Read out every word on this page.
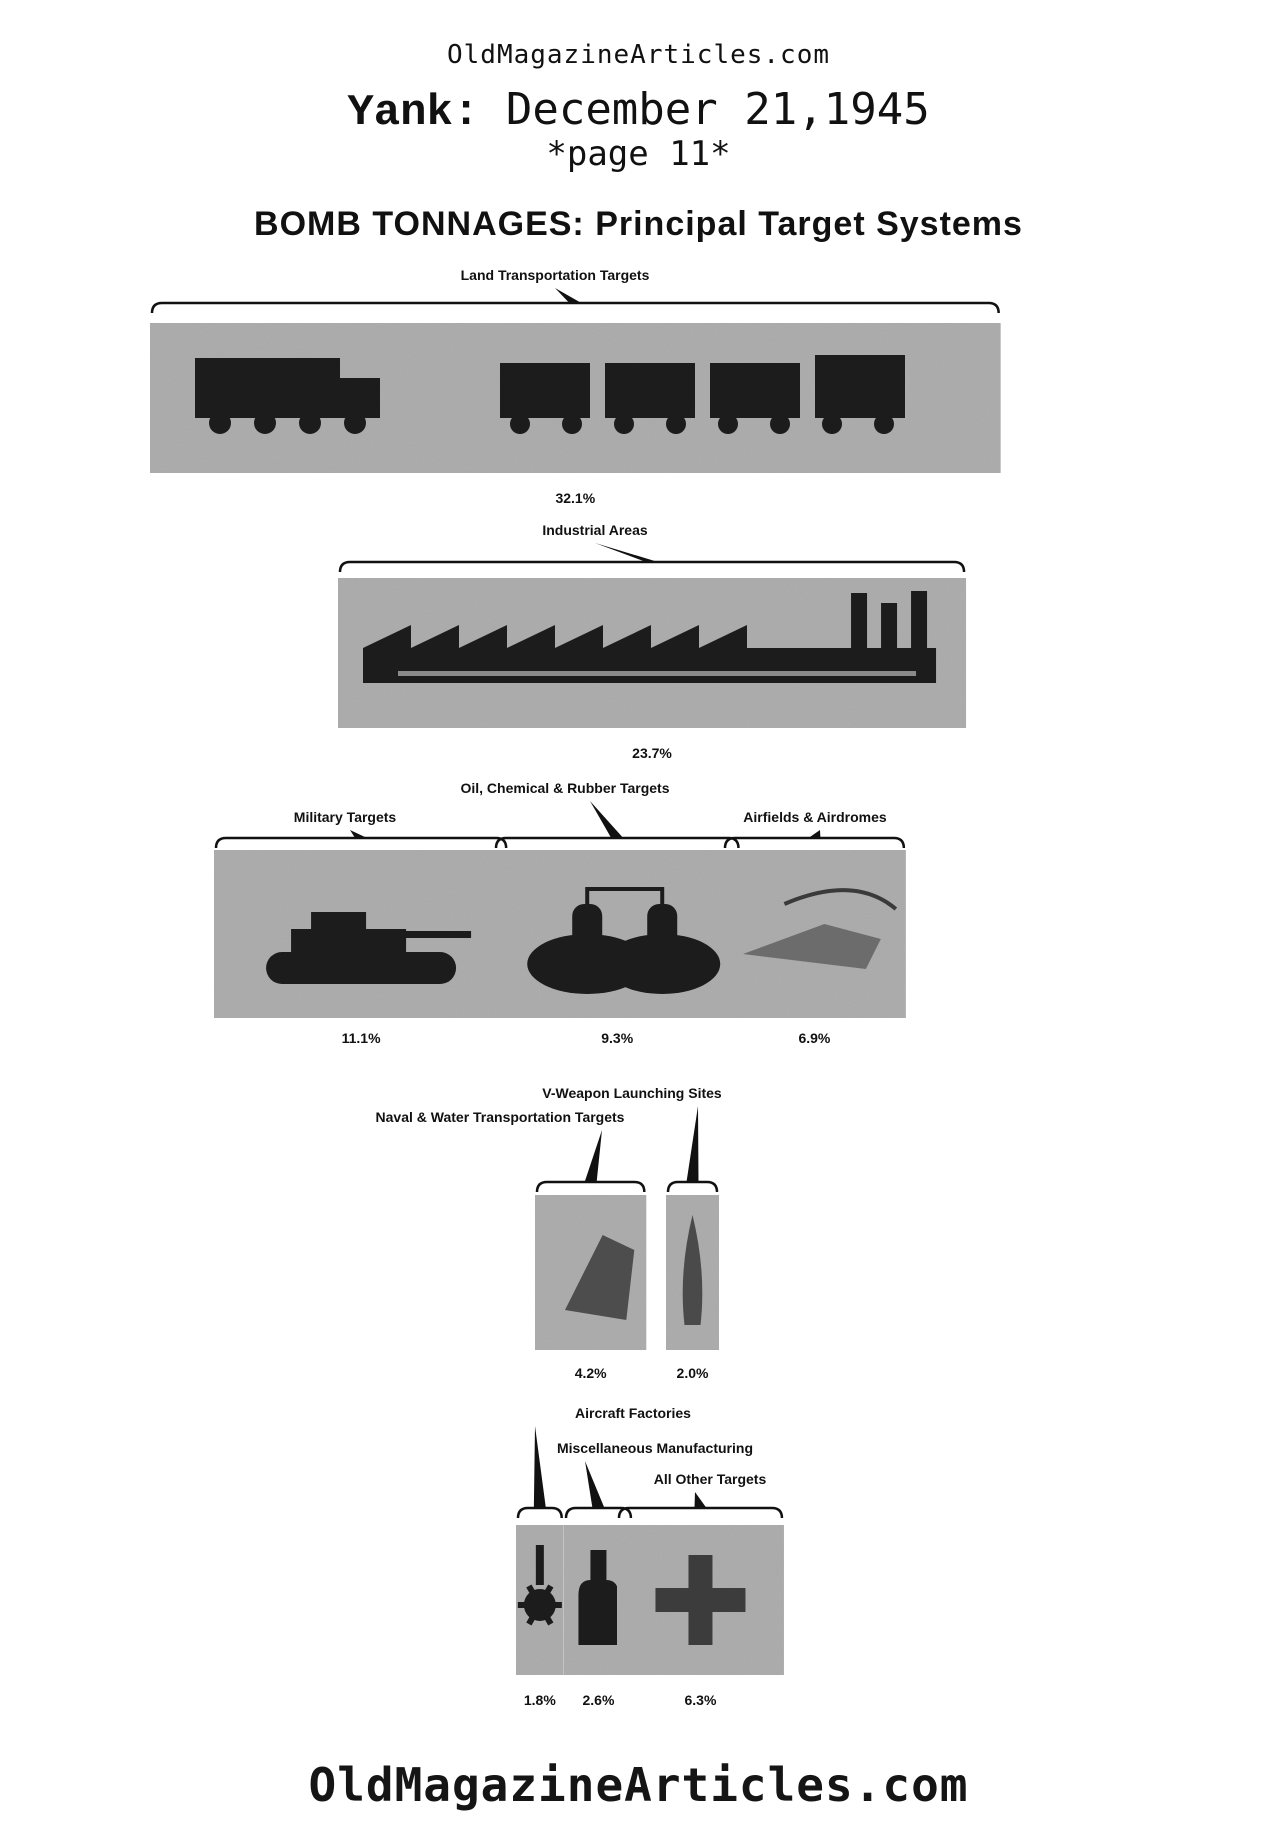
OldMagazineArticles.com
Yank: December 21,1945
*page 11*
BOMB TONNAGES: Principal Target Systems
Land Transportation Targets
32.1%
Industrial Areas
23.7%
Military Targets
11.1%
Oil, Chemical & Rubber Targets
9.3%
Airfields & Airdromes
6.9%
Naval & Water Transportation Targets
4.2%
V-Weapon Launching Sites
2.0%
Aircraft Factories
1.8%
Miscellaneous Manufacturing
2.6%
All Other Targets
6.3%
OldMagazineArticles.com
